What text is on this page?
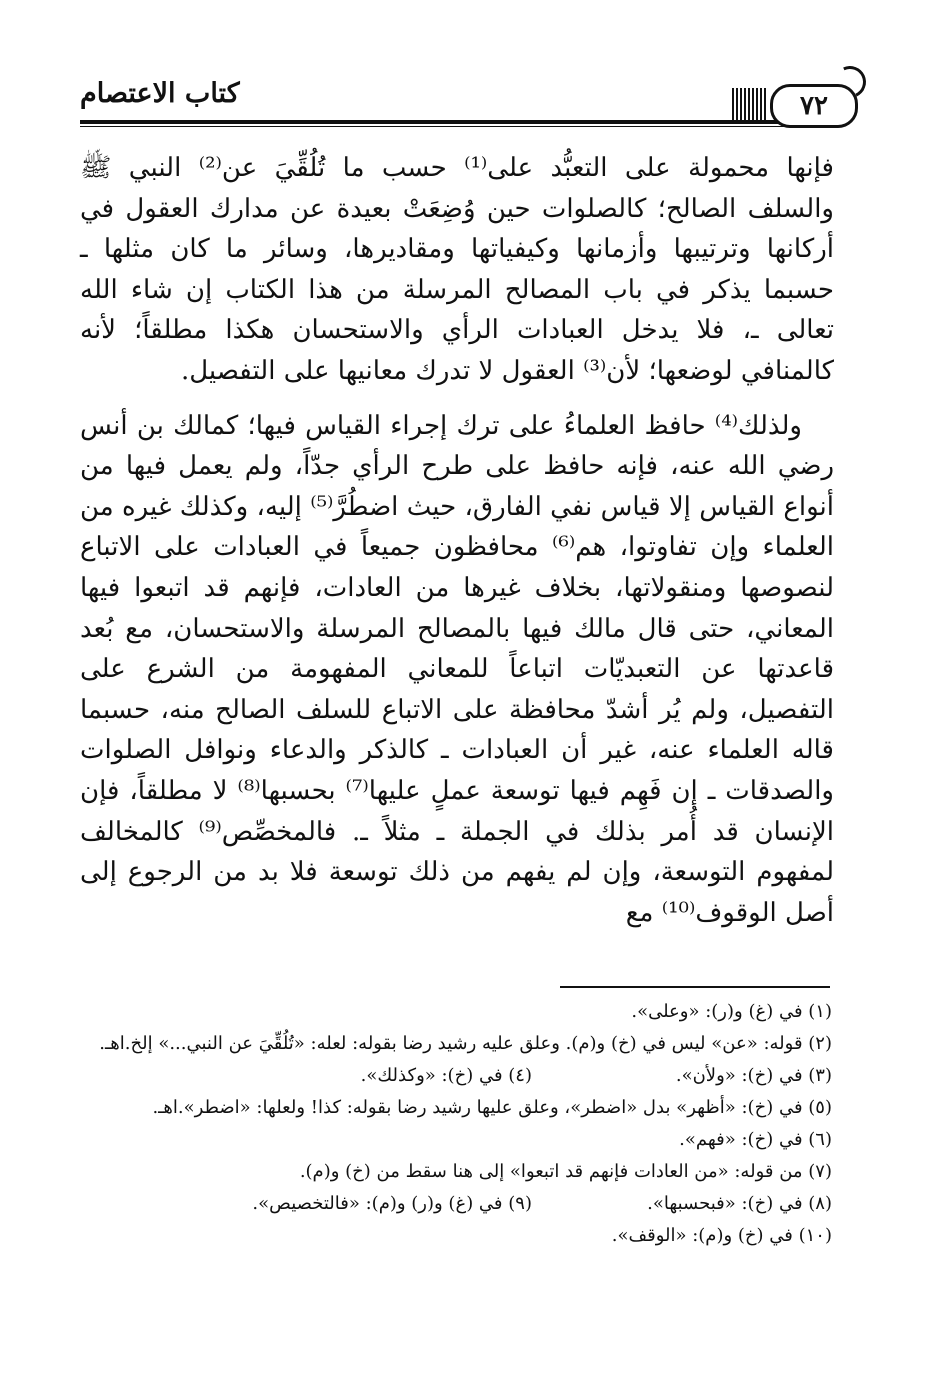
كتاب الاعتصام	٧٢

فإنها محمولة على التعبُّد على⁽¹⁾ حسب ما تُلُقِّيَ عن⁽²⁾ النبي ﷺ والسلف الصالح؛ كالصلوات حين وُضِعَتْ بعيدة عن مدارك العقول في أركانها وترتيبها وأزمانها وكيفياتها ومقاديرها، وسائر ما كان مثلها ـ حسبما يذكر في باب المصالح المرسلة من هذا الكتاب إن شاء الله تعالى ـ، فلا يدخل العبادات الرأي والاستحسان هكذا مطلقاً؛ لأنه كالمنافي لوضعها؛ لأن⁽³⁾ العقول لا تدرك معانيها على التفصيل.

ولذلك⁽⁴⁾ حافظ العلماءُ على ترك إجراء القياس فيها؛ كمالك بن أنس رضي الله عنه، فإنه حافظ على طرح الرأي جدّاً، ولم يعمل فيها من أنواع القياس إلا قياس نفي الفارق، حيث اضطُرَّ⁽⁵⁾ إليه، وكذلك غيره من العلماء وإن تفاوتوا، هم⁽⁶⁾ محافظون جميعاً في العبادات على الاتباع لنصوصها ومنقولاتها، بخلاف غيرها من العادات، فإنهم قد اتبعوا فيها المعاني، حتى قال مالك فيها بالمصالح المرسلة والاستحسان، مع بُعد قاعدتها عن التعبديّات اتباعاً للمعاني المفهومة من الشرع على التفصيل، ولم يُر أشدّ محافظة على الاتباع للسلف الصالح منه، حسبما قاله العلماء عنه، غير أن العبادات ـ كالذكر والدعاء ونوافل الصلوات والصدقات ـ إن فَهِم فيها توسعة عملٍ عليها⁽⁷⁾ بحسبها⁽⁸⁾ لا مطلقاً، فإن الإنسان قد أُمر بذلك في الجملة ـ مثلاً ـ. فالمخصِّص⁽⁹⁾ كالمخالف لمفهوم التوسعة، وإن لم يفهم من ذلك توسعة فلا بد من الرجوع إلى أصل الوقوف⁽¹⁰⁾ مع

(١) في (غ) و(ر): «وعلى».

(٢) قوله: «عن» ليس في (خ) و(م). وعلق عليه رشيد رضا بقوله: لعله: «تُلُقِّيَ عن النبي...» إلخ.اهـ.

(٣) في (خ): «ولأن».
(٤) في (خ): «وكذلك».

(٥) في (خ): «أظهر» بدل «اضطر»، وعلق عليها رشيد رضا بقوله: كذا! ولعلها: «اضطر».اهـ.

(٦) في (خ): «فهم».

(٧) من قوله: «من العادات فإنهم قد اتبعوا» إلى هنا سقط من (خ) و(م).

(٨) في (خ): «فبحسبها».
(٩) في (غ) و(ر) و(م): «فالتخصيص».

(١٠) في (خ) و(م): «الوقف».
